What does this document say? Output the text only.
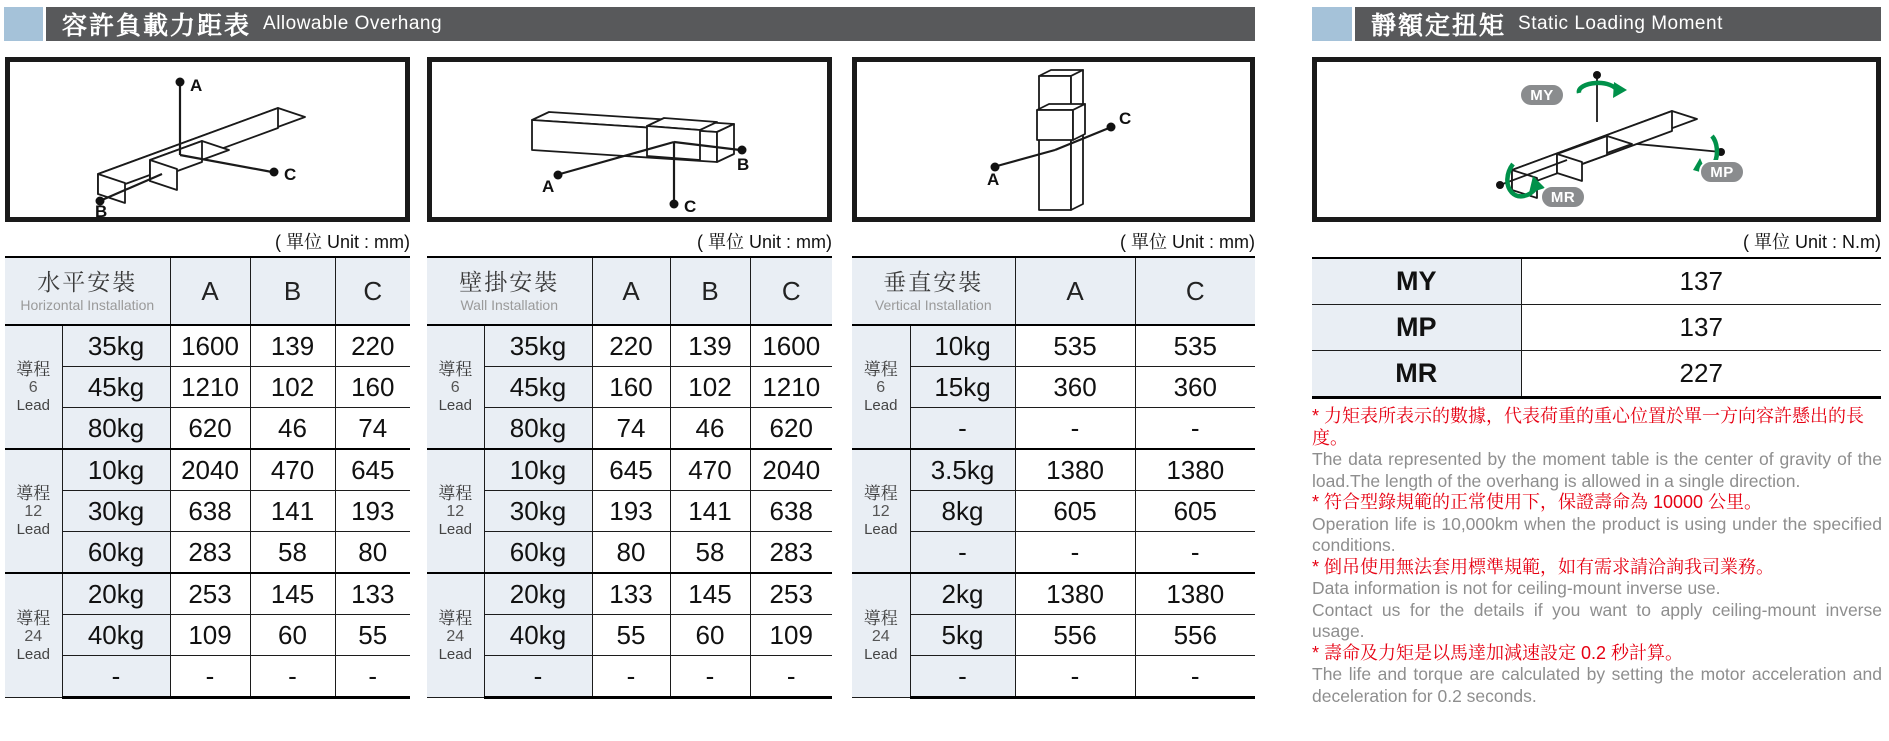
容許負載力距表 Allowable Overhang	靜額定扭矩 Static Loading Moment
A
B
C
A
B
C
A
C
MY
MR
MP
( 單位 Unit : mm)	( 單位 Unit : mm)	( 單位 Unit : mm)	( 單位 Unit : N.m)
水平安裝
Horizontal Installation		A	B	C

導程
6
Lead	35kg	1600	139	220
	45kg	1210	102	160
	80kg	620	46	74

導程
12
Lead	10kg	2040	470	645
	30kg	638	141	193
	60kg	283	58	80

導程
24
Lead	20kg	253	145	133
	40kg	109	60	55
	-	-	-	-
壁掛安裝
Wall Installation		A	B	C

導程
6
Lead	35kg	220	139	1600
	45kg	160	102	1210
	80kg	74	46	620

導程
12
Lead	10kg	645	470	2040
	30kg	193	141	638
	60kg	80	58	283

導程
24
Lead	20kg	133	145	253
	40kg	55	60	109
	-	-	-	-
垂直安裝
Vertical Installation		A	C

導程
6
Lead	10kg	535	535
	15kg	360	360
	-	-	-

導程
12
Lead	3.5kg	1380	1380
	8kg	605	605
	-	-	-

導程
24
Lead	2kg	1380	1380
	5kg	556	556
	-	-	-
MY	137
MP	137
MR	227

* 力矩表所表示的數據，代表荷重的重心位置於單一方向容許懸出的長度。

The data represented by the moment table is the center of gravity of the load.The length of the overhang is allowed in a single direction.

* 符合型錄規範的正常使用下，保證壽命為 10000 公里。

Operation life is 10,000km when the product is using under the specified conditions.

* 倒吊使用無法套用標準規範，如有需求請洽詢我司業務。

Data information is not for ceiling-mount inverse use.

Contact us for the details if you want to apply ceiling-mount inverse usage.

* 壽命及力矩是以馬達加減速設定 0.2 秒計算。

The life and torque are calculated by setting the motor acceleration and deceleration for 0.2 seconds.
